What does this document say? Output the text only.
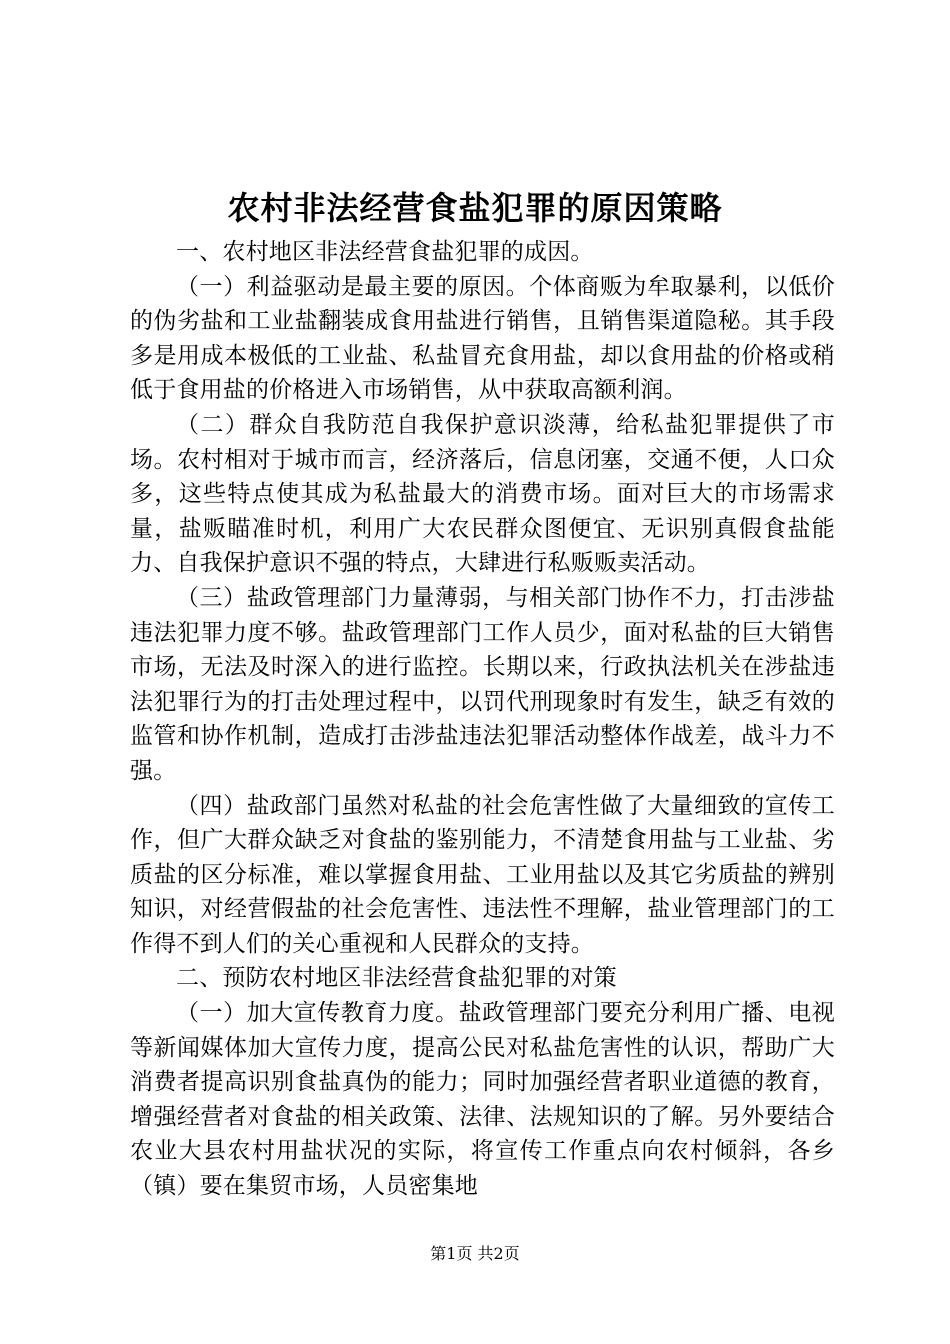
农村非法经营食盐犯罪的原因策略

一、农村地区非法经营食盐犯罪的成因。

（一）利益驱动是最主要的原因。个体商贩为牟取暴利，以低价的伪劣盐和工业盐翻装成食用盐进行销售，且销售渠道隐秘。其手段多是用成本极低的工业盐、私盐冒充食用盐，却以食用盐的价格或稍低于食用盐的价格进入市场销售，从中获取高额利润。

（二）群众自我防范自我保护意识淡薄，给私盐犯罪提供了市场。农村相对于城市而言，经济落后，信息闭塞，交通不便，人口众多，这些特点使其成为私盐最大的消费市场。面对巨大的市场需求量，盐贩瞄准时机，利用广大农民群众图便宜、无识别真假食盐能力、自我保护意识不强的特点，大肆进行私贩贩卖活动。

（三）盐政管理部门力量薄弱，与相关部门协作不力，打击涉盐违法犯罪力度不够。盐政管理部门工作人员少，面对私盐的巨大销售市场，无法及时深入的进行监控。长期以来，行政执法机关在涉盐违法犯罪行为的打击处理过程中，以罚代刑现象时有发生，缺乏有效的监管和协作机制，造成打击涉盐违法犯罪活动整体作战差，战斗力不强。

（四）盐政部门虽然对私盐的社会危害性做了大量细致的宣传工作，但广大群众缺乏对食盐的鉴别能力，不清楚食用盐与工业盐、劣质盐的区分标准，难以掌握食用盐、工业用盐以及其它劣质盐的辨别知识，对经营假盐的社会危害性、违法性不理解，盐业管理部门的工作得不到人们的关心重视和人民群众的支持。

二、预防农村地区非法经营食盐犯罪的对策

（一）加大宣传教育力度。盐政管理部门要充分利用广播、电视等新闻媒体加大宣传力度，提高公民对私盐危害性的认识，帮助广大消费者提高识别食盐真伪的能力；同时加强经营者职业道德的教育，增强经营者对食盐的相关政策、法律、法规知识的了解。另外要结合农业大县农村用盐状况的实际，将宣传工作重点向农村倾斜，各乡（镇）要在集贸市场，人员密集地

第1页 共2页
